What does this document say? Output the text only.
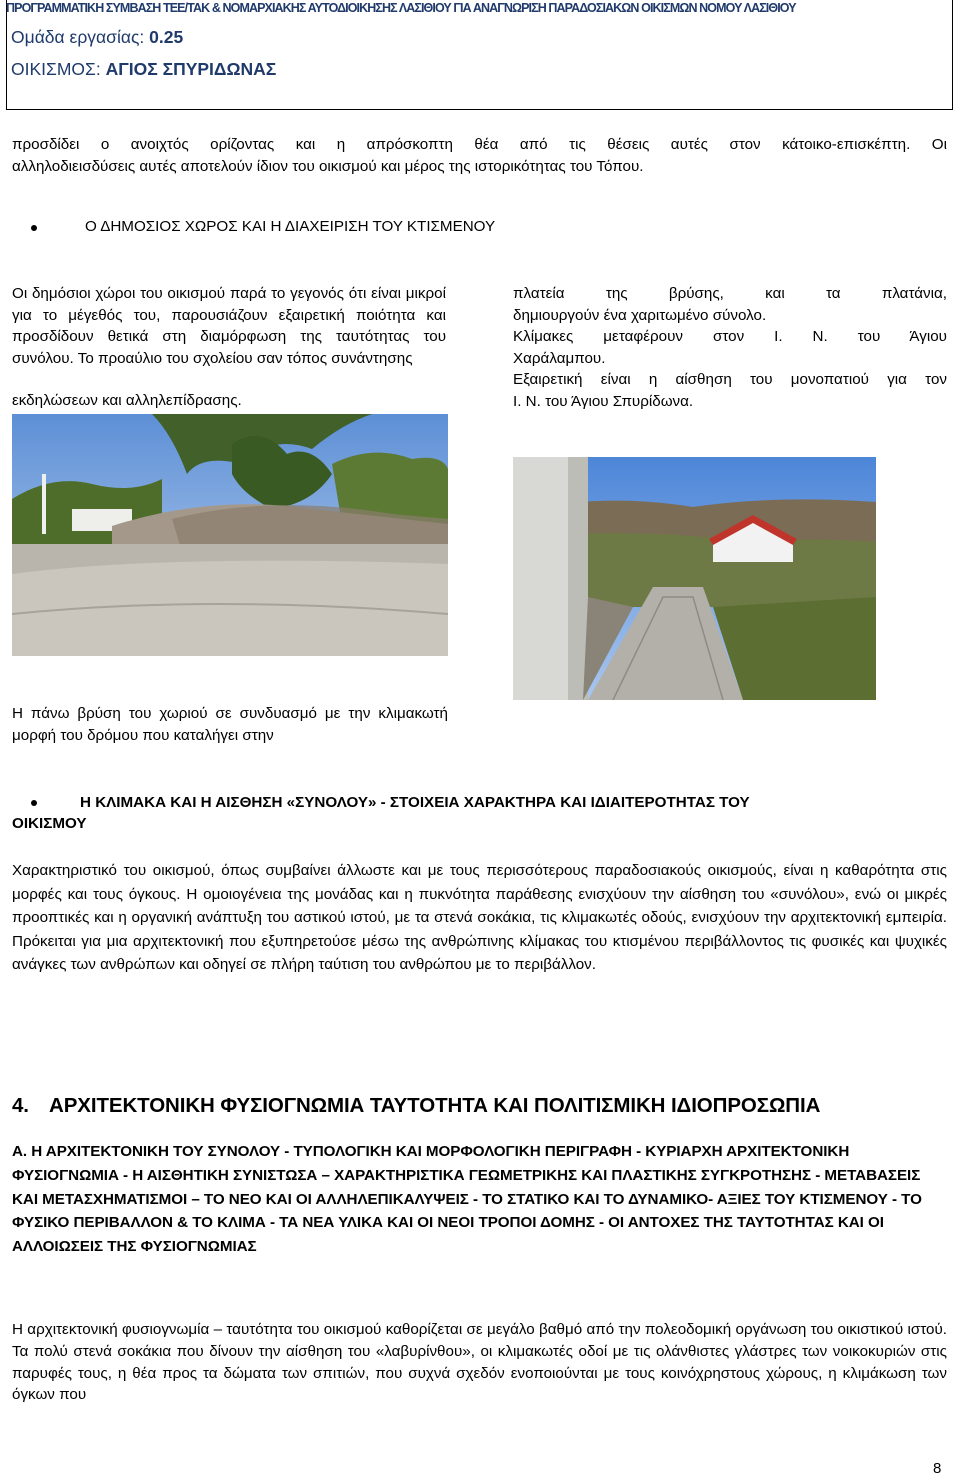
ΠΡΟΓΡΑΜΜΑΤΙΚΗ ΣΥΜΒΑΣΗ ΤΕΕ/ΤΑΚ & ΝΟΜΑΡΧΙΑΚΗΣ ΑΥΤΟΔΙΟΙΚΗΣΗΣ ΛΑΣΙΘΙΟΥ ΓΙΑ ΑΝΑΓΝΩΡΙΣΗ ΠΑΡΑΔΟΣΙΑΚΩΝ ΟΙΚΙΣΜΩΝ ΝΟΜΟΥ ΛΑΣΙΘΙΟΥ
Ομάδα εργασίας: 0.25
ΟΙΚΙΣΜΟΣ: ΑΓΙΟΣ ΣΠΥΡΙΔΩΝΑΣ
προσδίδει ο ανοιχτός ορίζοντας και η απρόσκοπτη θέα από τις θέσεις αυτές στον κάτοικο-επισκέπτη. Οι
αλληλοδιεισδύσεις αυτές αποτελούν ίδιον του οικισμού και μέρος της ιστορικότητας του Τόπου.
Ο ΔΗΜΟΣΙΟΣ ΧΩΡΟΣ ΚΑΙ Η ΔΙΑΧΕΙΡΙΣΗ ΤΟΥ ΚΤΙΣΜΕΝΟΥ
Οι δημόσιοι χώροι του οικισμού παρά το γεγονός ότι είναι μικροί για το μέγεθός του, παρουσιάζουν εξαιρετική ποιότητα και προσδίδουν θετικά στη διαμόρφωση της ταυτότητας του συνόλου. Το προαύλιο του σχολείου σαν τόπος συνάντησης
εκδηλώσεων και αλληλεπίδρασης.
πλατεία της βρύσης, και τα πλατάνια,
δημιουργούν ένα χαριτωμένο σύνολο.
Κλίμακες μεταφέρουν στον Ι. Ν. του Άγιου
Χαράλαμπου.
Εξαιρετική είναι η αίσθηση του μονοπατιού για τον
Ι. Ν. του Άγιου Σπυρίδωνα.
Η πάνω βρύση του χωριού σε συνδυασμό με την κλιμακωτή μορφή του δρόμου που καταλήγει στην
Η ΚΛΙΜΑΚΑ ΚΑΙ Η ΑΙΣΘΗΣΗ «ΣΥΝΟΛΟΥ» - ΣΤΟΙΧΕΙΑ ΧΑΡΑΚΤΗΡΑ ΚΑΙ ΙΔΙΑΙΤΕΡΟΤΗΤΑΣ ΤΟΥ
ΟΙΚΙΣΜΟΥ
Χαρακτηριστικό του οικισμού, όπως συμβαίνει άλλωστε και με τους περισσότερους παραδοσιακούς οικισμούς, είναι η καθαρότητα στις μορφές και τους όγκους. Η ομοιογένεια της μονάδας και η πυκνότητα παράθεσης ενισχύουν την αίσθηση του «συνόλου», ενώ οι μικρές προοπτικές και η οργανική ανάπτυξη του αστικού ιστού, με τα στενά σοκάκια, τις κλιμακωτές οδούς, ενισχύουν την αρχιτεκτονική εμπειρία. Πρόκειται για μια αρχιτεκτονική που εξυπηρετούσε μέσω της ανθρώπινης κλίμακας του κτισμένου περιβάλλοντος τις φυσικές και ψυχικές ανάγκες των ανθρώπων και οδηγεί σε πλήρη ταύτιση του ανθρώπου με το περιβάλλον.
4. ΑΡΧΙΤΕΚΤΟΝΙΚΗ ΦΥΣΙΟΓΝΩΜΙΑ ΤΑΥΤΟΤΗΤΑ ΚΑΙ ΠΟΛΙΤΙΣΜΙΚΗ ΙΔΙΟΠΡΟΣΩΠΙΑ
Α. Η ΑΡΧΙΤΕΚΤΟΝΙΚΗ ΤΟΥ ΣΥΝΟΛΟΥ - ΤΥΠΟΛΟΓΙΚΗ ΚΑΙ ΜΟΡΦΟΛΟΓΙΚΗ ΠΕΡΙΓΡΑΦΗ - ΚΥΡΙΑΡΧΗ ΑΡΧΙΤΕΚΤΟΝΙΚΗ ΦΥΣΙΟΓΝΩΜΙΑ - Η ΑΙΣΘΗΤΙΚΗ ΣΥΝΙΣΤΩΣΑ – ΧΑΡΑΚΤΗΡΙΣΤΙΚΑ ΓΕΩΜΕΤΡΙΚΗΣ ΚΑΙ ΠΛΑΣΤΙΚΗΣ ΣΥΓΚΡΟΤΗΣΗΣ - ΜΕΤΑΒΑΣΕΙΣ ΚΑΙ ΜΕΤΑΣΧΗΜΑΤΙΣΜΟΙ – ΤΟ ΝΕΟ ΚΑΙ ΟΙ ΑΛΛΗΛΕΠΙΚΑΛΥΨΕΙΣ - ΤΟ ΣΤΑΤΙΚΟ ΚΑΙ ΤΟ ΔΥΝΑΜΙΚΟ- ΑΞΙΕΣ ΤΟΥ ΚΤΙΣΜΕΝΟΥ - ΤΟ ΦΥΣΙΚΟ ΠΕΡΙΒΑΛΛΟΝ & ΤΟ ΚΛΙΜΑ - ΤΑ ΝΕΑ ΥΛΙΚΑ ΚΑΙ ΟΙ ΝΕΟΙ ΤΡΟΠΟΙ ΔΟΜΗΣ - ΟΙ ΑΝΤΟΧΕΣ ΤΗΣ ΤΑΥΤΟΤΗΤΑΣ ΚΑΙ ΟΙ ΑΛΛΟΙΩΣΕΙΣ ΤΗΣ ΦΥΣΙΟΓΝΩΜΙΑΣ
Η αρχιτεκτονική φυσιογνωμία – ταυτότητα του οικισμού καθορίζεται σε μεγάλο βαθμό από την πολεοδομική οργάνωση του οικιστικού ιστού. Τα πολύ στενά σοκάκια που δίνουν την αίσθηση του «λαβυρίνθου», οι κλιμακωτές οδοί με τις ολάνθιστες γλάστρες των νοικοκυριών στις παρυφές τους, η θέα προς τα δώματα των σπιτιών, που συχνά σχεδόν ενοποιούνται με τους κοινόχρηστους χώρους, η κλιμάκωση των όγκων που
8
